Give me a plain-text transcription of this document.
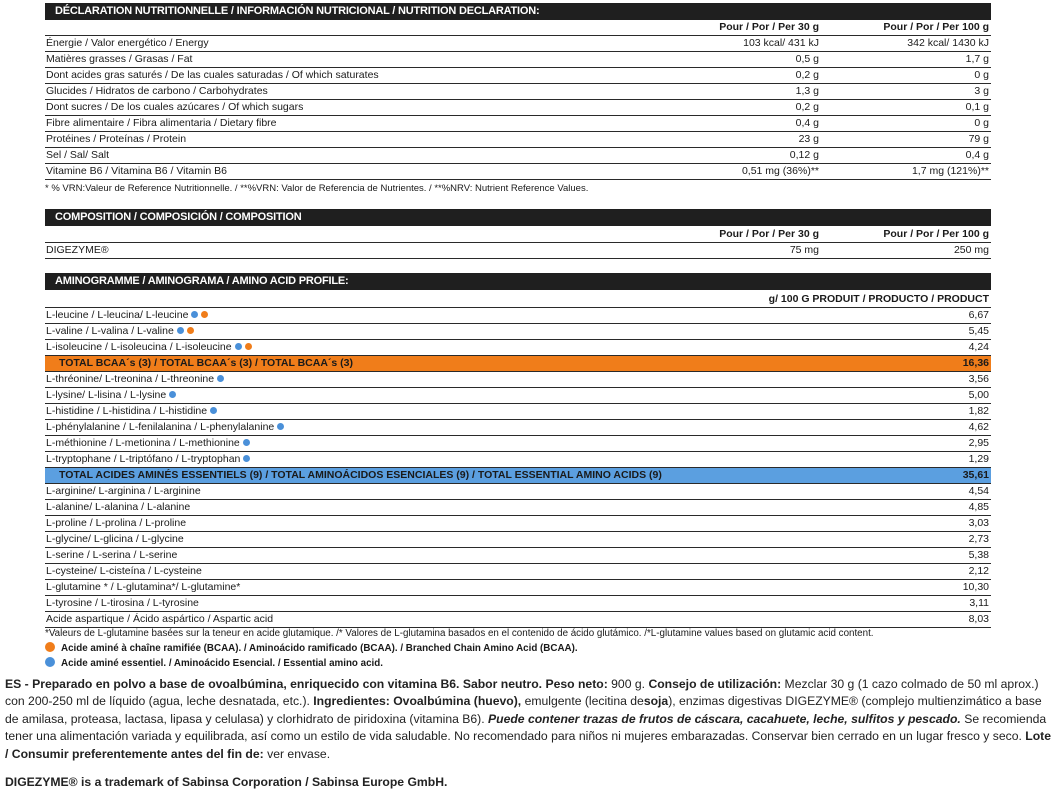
DÉCLARATION NUTRITIONNELLE / INFORMACIÓN NUTRICIONAL / NUTRITION DECLARATION:
Pour / Por / Per 30 g	Pour / Por / Per 100 g
Énergie / Valor energético / Energy	103 kcal/ 431 kJ	342 kcal/ 1430 kJ
Matières grasses / Grasas / Fat	0,5 g	1,7 g
Dont acides gras saturés / De las cuales saturadas / Of which saturates	0,2 g	0 g
Glucides / Hidratos de carbono / Carbohydrates	1,3 g	3 g
Dont sucres / De los cuales azúcares / Of which sugars	0,2 g	0,1 g
Fibre alimentaire / Fibra alimentaria / Dietary fibre	0,4 g	0 g
Protéines / Proteínas / Protein	23 g	79 g
Sel / Sal/ Salt	0,12 g	0,4 g
Vitamine B6 / Vitamina B6 / Vitamin B6	0,51 mg (36%)**	1,7 mg (121%)**
* % VRN:Valeur de Reference Nutritionnelle. / **%VRN: Valor de Referencia de Nutrientes. / **%NRV: Nutrient Reference Values.
COMPOSITION / COMPOSICIÓN / COMPOSITION
Pour / Por / Per 30 g	Pour / Por / Per 100 g
DIGEZYME®	75 mg	250 mg
AMINOGRAMME / AMINOGRAMA / AMINO ACID PROFILE:
g/ 100 G PRODUIT / PRODUCTO / PRODUCT
L-leucine / L-leucina/ L-leucine	6,67
L-valine / L-valina / L-valine	5,45
L-isoleucine / L-isoleucina / L-isoleucine	4,24
TOTAL BCAA´s (3) / TOTAL BCAA´s (3) / TOTAL BCAA´s (3)	16,36
L-thréonine/ L-treonina / L-threonine	3,56
L-lysine/ L-lisina / L-lysine	5,00
L-histidine / L-histidina / L-histidine	1,82
L-phénylalanine / L-fenilalanina / L-phenylalanine	4,62
L-méthionine / L-metionina / L-methionine	2,95
L-tryptophane / L-triptófano / L-tryptophan	1,29
TOTAL ACIDES AMINÉS ESSENTIELS (9) / TOTAL AMINOÁCIDOS ESENCIALES (9) / TOTAL ESSENTIAL AMINO ACIDS (9)	35,61
L-arginine/ L-arginina / L-arginine	4,54
L-alanine/ L-alanina / L-alanine	4,85
L-proline / L-prolina / L-proline	3,03
L-glycine/ L-glicina / L-glycine	2,73
L-serine / L-serina / L-serine	5,38
L-cysteine/ L-cisteína / L-cysteine	2,12
L-glutamine * / L-glutamina*/ L-glutamine*	10,30
L-tyrosine / L-tirosina / L-tyrosine	3,11
Acide aspartique / Ácido aspártico / Aspartic acid	8,03
*Valeurs de L-glutamine basées sur la teneur en acide glutamique. /* Valores de L-glutamina basados en el contenido de ácido glutámico. /*L-glutamine values based on glutamic acid content.
Acide aminé à chaîne ramifiée (BCAA). / Aminoácido ramificado (BCAA). / Branched Chain Amino Acid (BCAA).
Acide aminé essentiel. / Aminoácido Esencial. / Essential amino acid.
ES - Preparado en polvo a base de ovoalbúmina, enriquecido con vitamina B6. Sabor neutro. Peso neto: 900 g. Consejo de utilización: Mezclar 30 g (1 cazo colmado de 50 ml aprox.) con 200-250 ml de líquido (agua, leche desnatada, etc.). Ingredientes: Ovoalbúmina (huevo), emulgente (lecitina desoja), enzimas digestivas DIGEZYME® (complejo multienzimático a base de amilasa, proteasa, lactasa, lipasa y celulasa) y clorhidrato de piridoxina (vitamina B6). Puede contener trazas de frutos de cáscara, cacahuete, leche, sulfitos y pescado. Se recomienda tener una alimentación variada y equilibrada, así como un estilo de vida saludable. No recomendado para niños ni mujeres embarazadas. Conservar bien cerrado en un lugar fresco y seco. Lote / Consumir preferentemente antes del fin de: ver envase.
DIGEZYME® is a trademark of Sabinsa Corporation / Sabinsa Europe GmbH.
